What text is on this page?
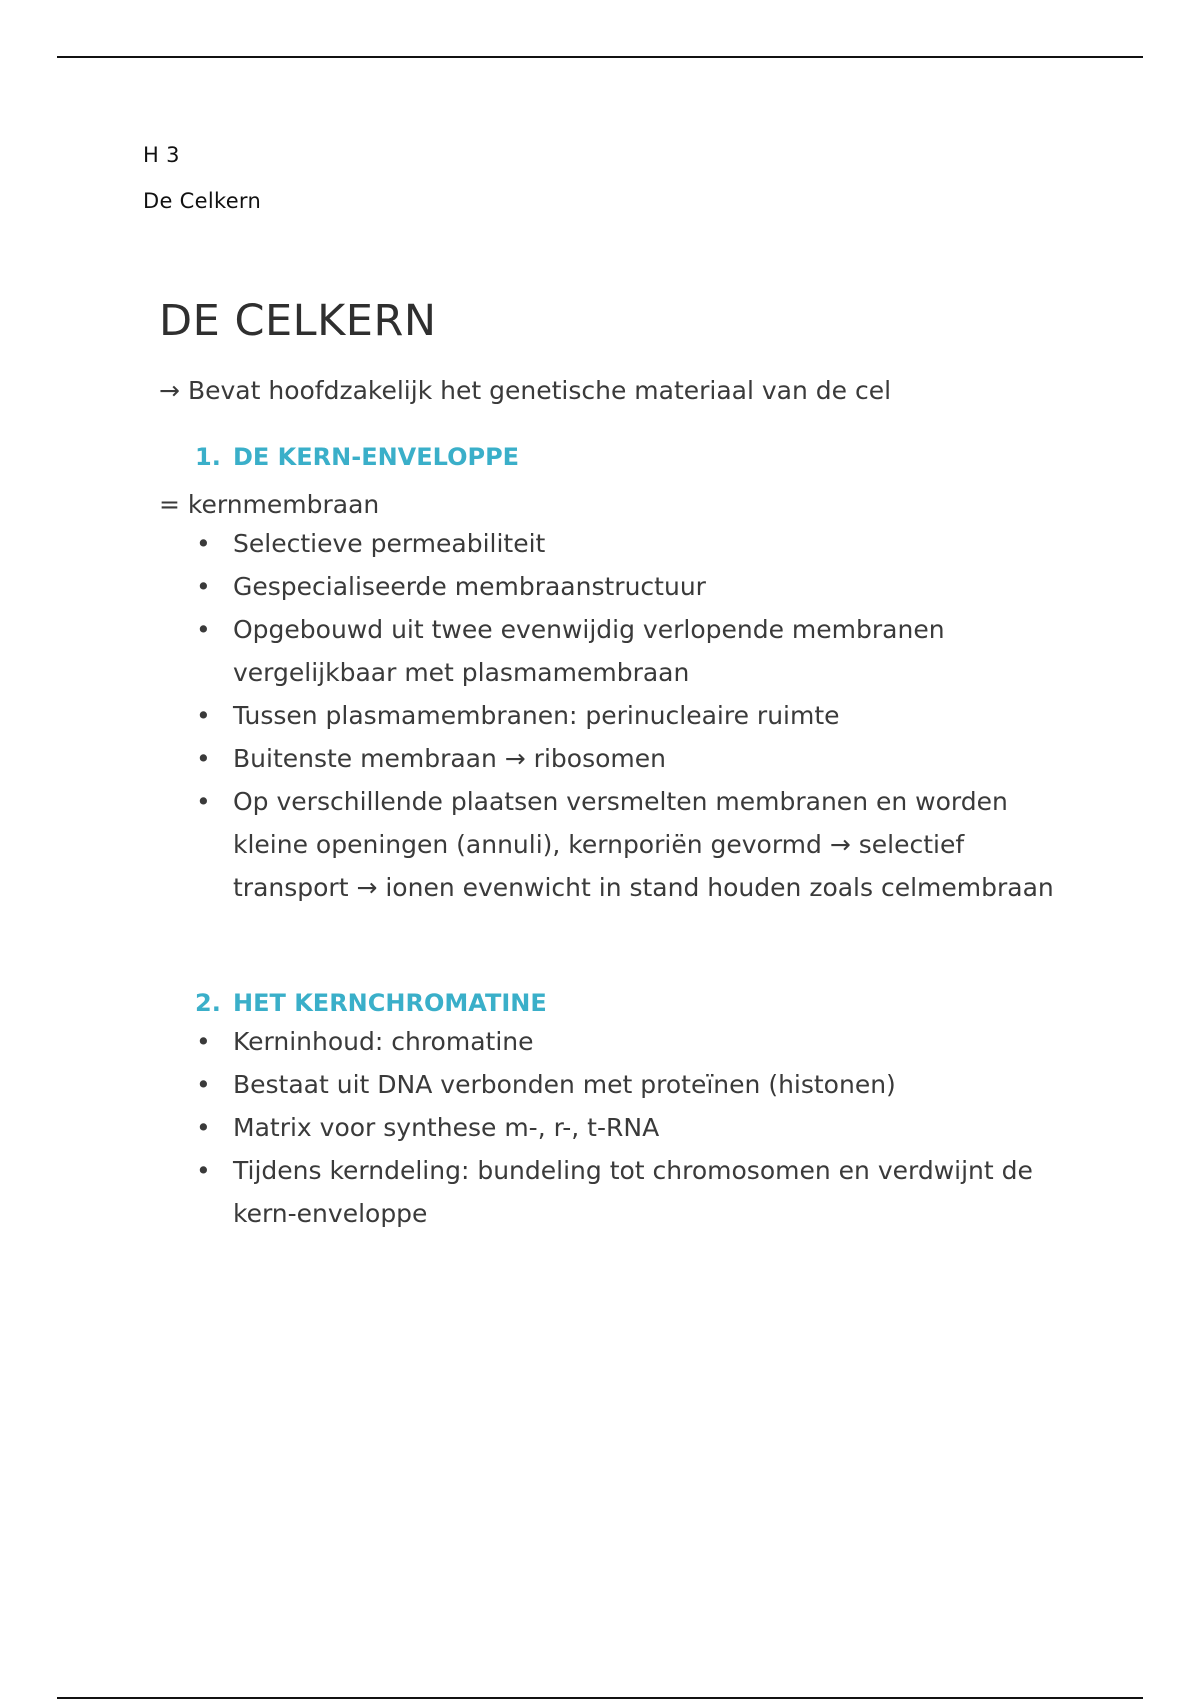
H 3
De Celkern
DE CELKERN

→ Bevat hoofdzakelijk het genetische materiaal van de cel

1. DE KERN-ENVELOPPE

= kernmembraan

• Selectieve permeabiliteit
• Gespecialiseerde membraanstructuur
• Opgebouwd uit twee evenwijdig verlopende membranen vergelijkbaar met plasmamembraan
• Tussen plasmamembranen: perinucleaire ruimte
• Buitenste membraan → ribosomen
• Op verschillende plaatsen versmelten membranen en worden kleine openingen (annuli), kernporiën gevormd → selectief transport → ionen evenwicht in stand houden zoals celmembraan
2. HET KERNCHROMATINE
• Kerninhoud: chromatine
• Bestaat uit DNA verbonden met proteïnen (histonen)
• Matrix voor synthese m-, r-, t-RNA
• Tijdens kerndeling: bundeling tot chromosomen en verdwijnt de kern-enveloppe
